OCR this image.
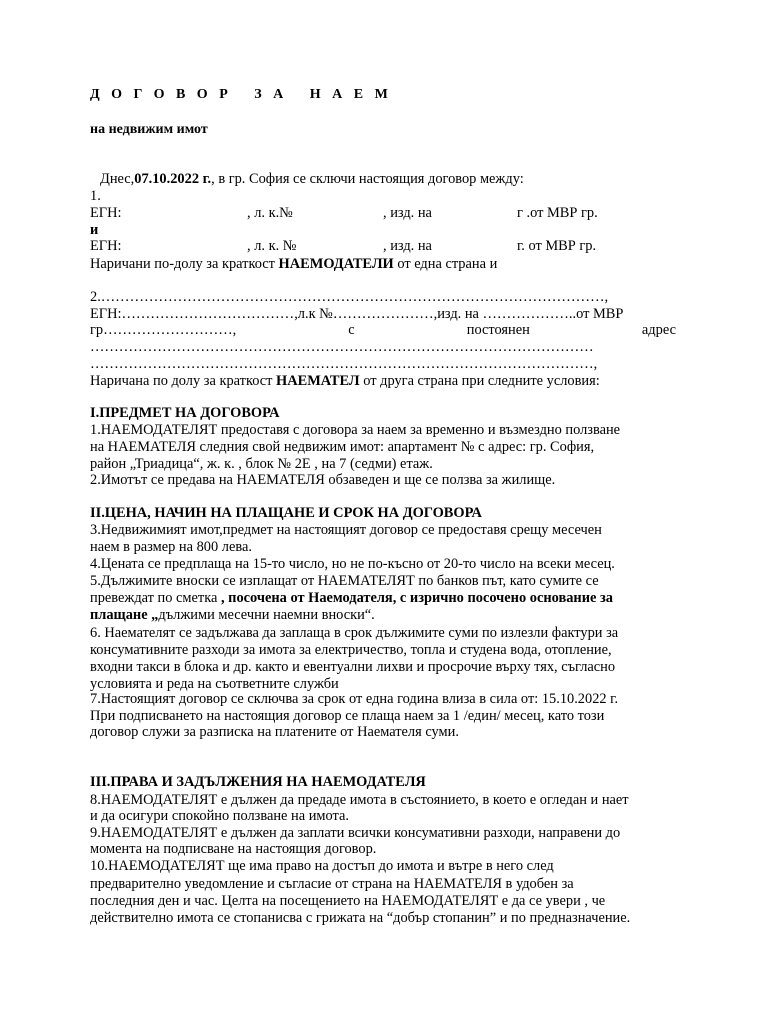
ДОГОВОР ЗА НАЕМ
на недвижим имот
Днес,07.10.2022 г., в гр. София се сключи настоящия договор между:
1.
ЕГН:	, л. к.№	, изд. на	г .от МВР гр.
и
ЕГН:	, л. к. №	, изд. на	г. от МВР гр.
Наричани по-долу за краткост НАЕМОДАТЕЛИ от една страна и
2.……………………………………………………………………………………………,
ЕГН:………………………………,л.к №…………………,изд. на ………………..от МВР
гр………………………,	с	постоянен	адрес
……………………………………………………………………………………………
……………………………………………………………………………………………,
Наричана по долу за краткост НАЕМАТЕЛ от друга страна при следните условия:
I.ПРЕДМЕТ НА ДОГОВОРА
1.НАЕМОДАТЕЛЯТ предоставя с договора за наем за временно и възмездно ползване
на НАЕМАТЕЛЯ следния свой недвижим имот: апартамент № с адрес: гр. София,
район „Триадица“, ж. к. , блок № 2Е , на 7 (седми) етаж.
2.Имотът се предава на НАЕМАТЕЛЯ обзаведен и ще се ползва за жилище.
II.ЦЕНА, НАЧИН НА ПЛАЩАНЕ И СРОК НА ДОГОВОРА
3.Недвижимият имот,предмет на настоящият договор се предоставя срещу месечен
наем в размер на 800 лева.
4.Цената се предплаща на 15-то число, но не по-късно от 20-то число на всеки месец.
5.Дължимите вноски се изплащат от НАЕМАТЕЛЯТ по банков път, като сумите се
превеждат по сметка , посочена от Наемодателя, с изрично посочено основание за
плащане „дължими месечни наемни вноски“.
6. Наемателят се задължава да заплаща в срок дължимите суми по излезли фактури за
консумативните разходи за имота за електричество, топла и студена вода, отопление,
входни такси в блока и др. както и евентуални лихви и просрочие върху тях, съгласно
условията и реда на съответните служби
7.Настоящият договор се сключва за срок от една година влиза в сила от: 15.10.2022 г.
При подписването на настоящия договор се плаща наем за 1 /един/ месец, като този
договор служи за разписка на платените от Наемателя суми.
III.ПРАВА И ЗАДЪЛЖЕНИЯ НА НАЕМОДАТЕЛЯ
8.НАЕМОДАТЕЛЯТ е дължен да предаде имота в състоянието, в което е огледан и нает
и да осигури спокойно ползване на имота.
9.НАЕМОДАТЕЛЯТ е дължен да заплати всички консумативни разходи, направени до
момента на подписване на настоящия договор.
10.НАЕМОДАТЕЛЯТ ще има право на достъп до имота и вътре в него след
предварително уведомление и съгласие от страна на НАЕМАТЕЛЯ в удобен за
последния ден и час. Целта на посещението на НАЕМОДАТЕЛЯТ е да се увери , че
действително имота се стопанисва с грижата на “добър стопанин” и по предназначение.
